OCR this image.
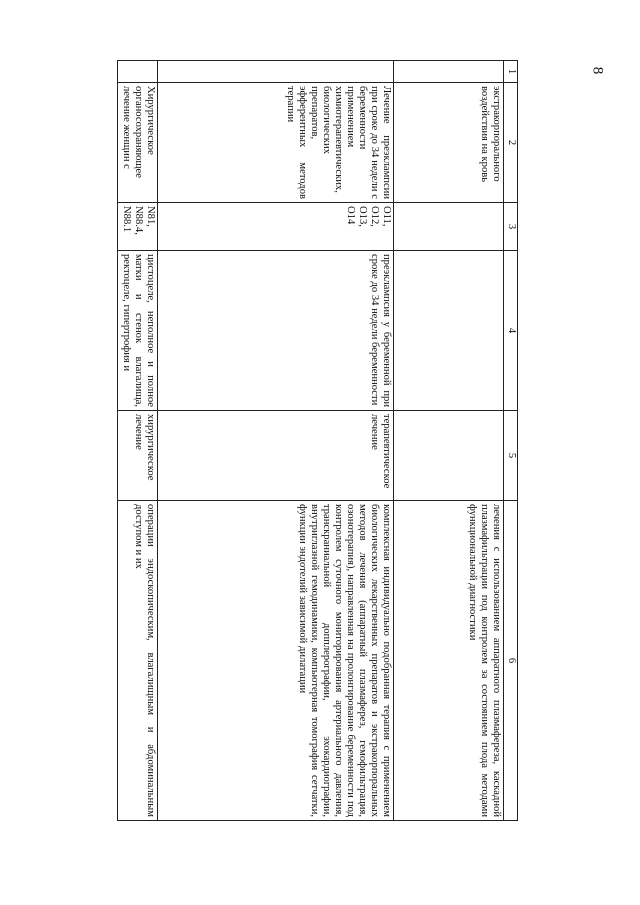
8
1	2	3	4	5	6
	экстракорпорального воздействия на кровь				лечения с использованием аппаратного плазмафереза, каскадной плазмафильтрации под контролем за состоянием плода методами функциональной диагностики
	Лечение преэклампсии при сроке до 34 недели с беременности применением химиотерапевтических, биологических препаратов, эфферентных методов терапии	O11, O12, O13, O14	преэклампсия у беременной при сроке до 34 недели беременности	терапевтическое лечение	комплексная индивидуально подобранная терапия с применением биологических лекарственных препаратов и экстракорпоральных методов лечения (аппаратный плазмаферез, гемофильтрация, озонотерапия), направленная на пролонгирование беременности под контролем суточного мониторирования артериального давления, транскраниальной допплерографии, эхокардиографии, внутриглазной гемодинамики, компьютерная томография сетчатки, функции эндотелий зависимой дилатации
	Хирургическое органосохраняющее лечение женщин с	N81, N88.4, N88.1	цистоцеле, неполное и полное матки и стенок влагалища, ректоцеле, гипертрофия и	хирургическое лечение	операции эндоскопическим, влагалищным и абдоминальным доступом и их
